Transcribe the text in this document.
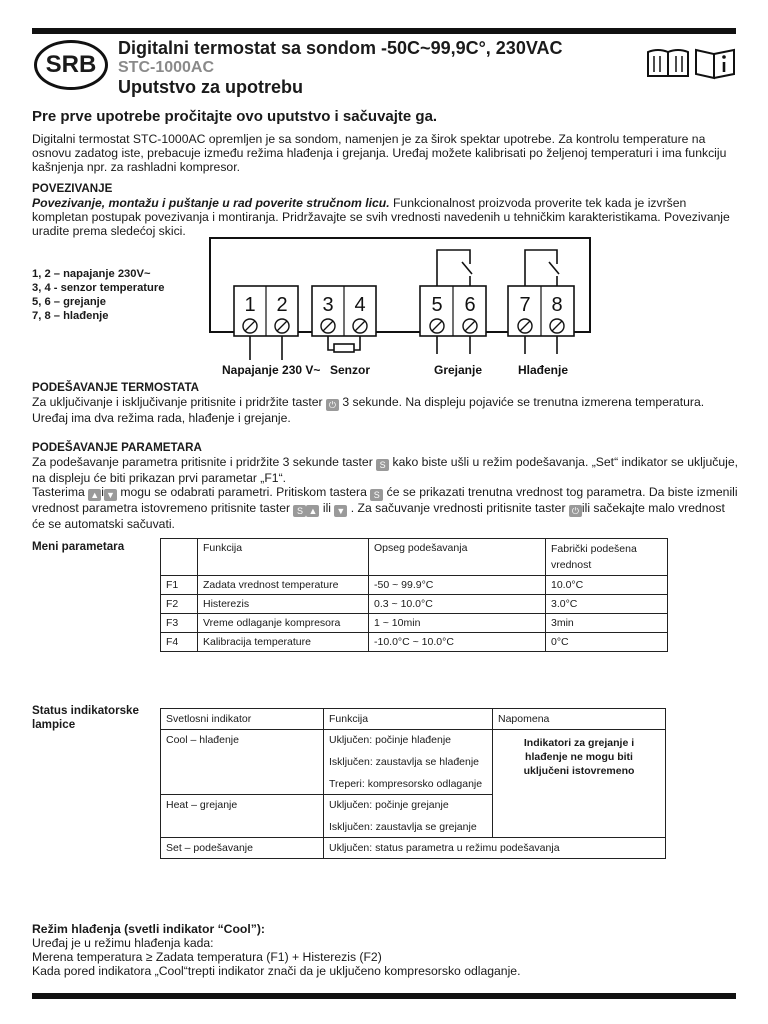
SRB
Digitalni termostat sa sondom -50C~99,9C°, 230VAC
STC-1000AC
Uputstvo za upotrebu
Pre prve upotrebe pročitajte ovo uputstvo i sačuvajte ga.

Digitalni termostat STC-1000AC opremljen je sa sondom, namenjen je za širok spektar upotrebe. Za kontrolu temperature na osnovu zadatog iste, prebacuje između režima hlađenja i grejanja. Uređaj možete kalibrisati po željenoj temperaturi i ima funkciju kašnjenja npr. za rashladni kompresor.

POVEZIVANJE

Povezivanje, montažu i puštanje u rad poverite stručnom licu. Funkcionalnost proizvoda proverite tek kada je izvršen kompletan postupak povezivanja i montiranja. Pridržavajte se svih vrednosti navedenih u tehničkim karakteristikama. Povezivanje uradite prema sledećoj skici.

1, 2 – napajanje 230V~
3, 4 - senzor temperature
5, 6 – grejanje
7, 8 – hlađenje	1 2 3 4	5 6 7 8
Napajanje 230 V~ Senzor	Grejanje	Hlađenje
PODEŠAVANJE TERMOSTATA

Za uključivanje i isključivanje pritisnite i pridržite taster ⏻ 3 sekunde. Na displeju pojaviće se trenutna izmerena temperatura. Uređaj ima dva režima rada, hlađenje i grejanje.

PODEŠAVANJE PARAMETARA

Za podešavanje parametra pritisnite i pridržite 3 sekunde taster S kako biste ušli u režim podešavanja. „Set“ indikator se uključuje, na displeju će biti prikazan prvi parametar „F1“.
Tasterima ▲ i ▼ mogu se odabrati parametri. Pritiskom tastera S će se prikazati trenutna vrednost tog parametra. Da biste izmenili vrednost parametra istovremeno pritisnite taster S ▲ ili ▼ . Za sačuvanje vrednosti pritisnite taster ⏻ ili sačekajte malo vrednost će se automatski sačuvati.

Meni parametara
		Funkcija	Opseg podešavanja	Fabrički podešena vrednost
F1	Zadata vrednost temperature	-50 ~ 99.9°C	10.0°C
F2	Histerezis	0.3 ~ 10.0°C	3.0°C
F3	Vreme odlaganje kompresora	1 ~ 10min	3min
F4	Kalibracija temperature	-10.0°C ~ 10.0°C	0°C
Status indikatorske lampice	Svetlosni indikator	Funkcija	Napomena
Cool – hlađenje	Uključen: počinje hlađenje
Isključen: zaustavlja se hlađenje
Treperi: kompresorsko odlaganje	Indikatori za grejanje i hlađenje ne mogu biti uključeni istovremeno
Heat – grejanje	Uključen: počinje grejanje
Isključen: zaustavlja se grejanje	

Set – podešavanje	Uključen: status parametra u režimu podešavanja	
Režim hlađenja (svetli indikator “Cool”):
Uređaj je u režimu hlađenja kada:
Merena temperatura ≥ Zadata temperatura (F1) + Histerezis (F2)
Kada pored indikatora „Cool“trepti indikator znači da je uključeno kompresorsko odlaganje.
